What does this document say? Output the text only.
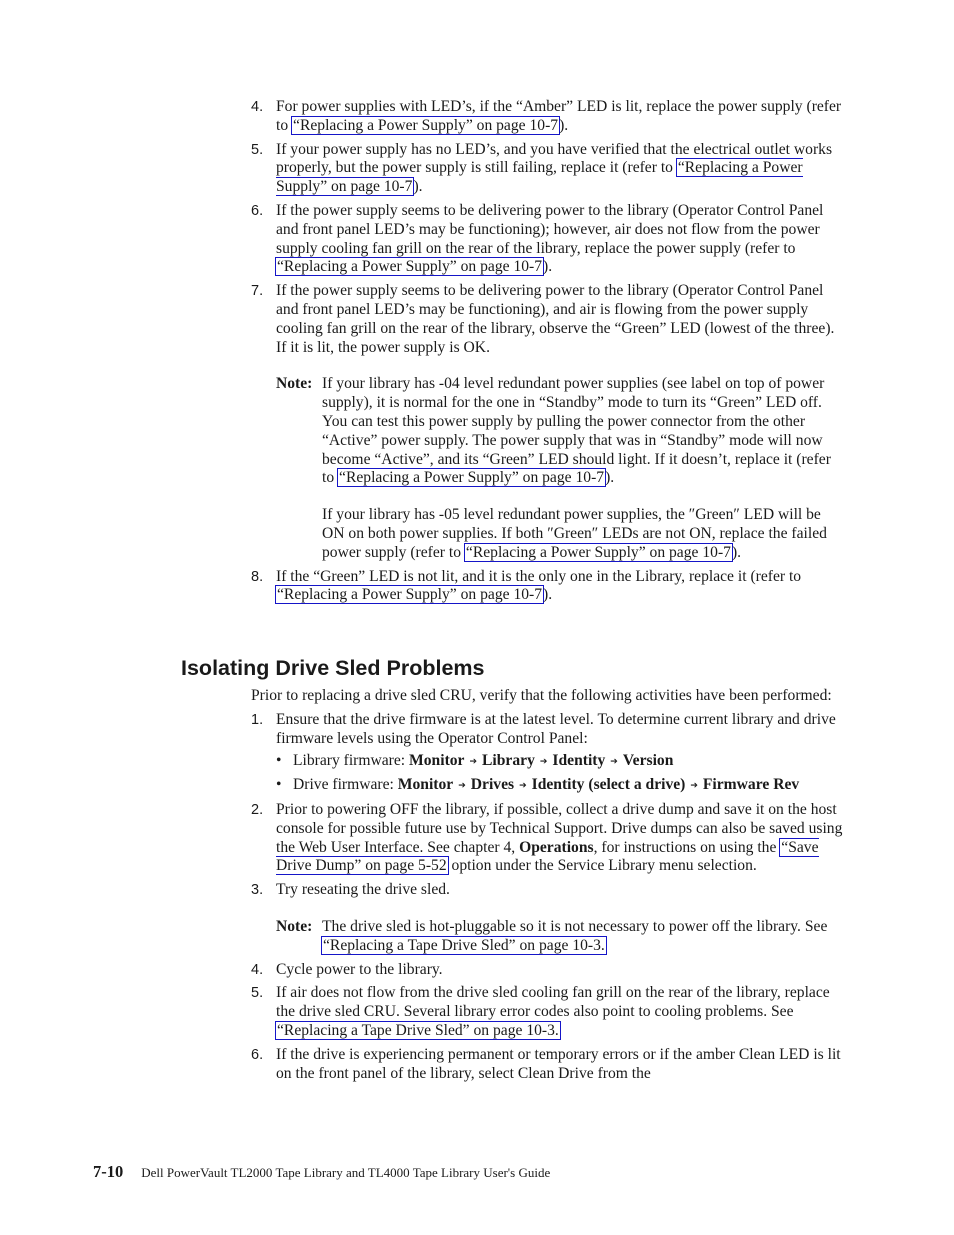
4. For power supplies with LED’s, if the “Amber” LED is lit, replace the power supply (refer to “Replacing a Power Supply” on page 10-7).
5. If your power supply has no LED’s, and you have verified that the electrical outlet works properly, but the power supply is still failing, replace it (refer to “Replacing a Power Supply” on page 10-7).
6. If the power supply seems to be delivering power to the library (Operator Control Panel and front panel LED’s may be functioning); however, air does not flow from the power supply cooling fan grill on the rear of the library, replace the power supply (refer to “Replacing a Power Supply” on page 10-7).
7. If the power supply seems to be delivering power to the library (Operator Control Panel and front panel LED’s may be functioning), and air is flowing from the power supply cooling fan grill on the rear of the library, observe the “Green” LED (lowest of the three). If it is lit, the power supply is OK.
Note: If your library has -04 level redundant power supplies (see label on top of power supply), it is normal for the one in “Standby” mode to turn its “Green” LED off. You can test this power supply by pulling the power connector from the other “Active” power supply. The power supply that was in “Standby” mode will now become “Active”, and its “Green” LED should light. If it doesn’t, replace it (refer to “Replacing a Power Supply” on page 10-7).

If your library has -05 level redundant power supplies, the ″Green″ LED will be ON on both power supplies. If both ″Green″ LEDs are not ON, replace the failed power supply (refer to “Replacing a Power Supply” on page 10-7).

8. If the “Green” LED is not lit, and it is the only one in the Library, replace it (refer to “Replacing a Power Supply” on page 10-7).
Isolating Drive Sled Problems

Prior to replacing a drive sled CRU, verify that the following activities have been performed:

1. Ensure that the drive firmware is at the latest level. To determine current library and drive firmware levels using the Operator Control Panel:
• Library firmware: Monitor ➔ Library ➔ Identity ➔ Version
• Drive firmware: Monitor ➔ Drives ➔ Identity (select a drive) ➔ Firmware Rev
2. Prior to powering OFF the library, if possible, collect a drive dump and save it on the host console for possible future use by Technical Support. Drive dumps can also be saved using the Web User Interface. See chapter 4, Operations, for instructions on using the “Save Drive Dump” on page 5-52 option under the Service Library menu selection.
3. Try reseating the drive sled.
Note: The drive sled is hot-pluggable so it is not necessary to power off the library. See “Replacing a Tape Drive Sled” on page 10-3.

4. Cycle power to the library.
5. If air does not flow from the drive sled cooling fan grill on the rear of the library, replace the drive sled CRU. Several library error codes also point to cooling problems. See “Replacing a Tape Drive Sled” on page 10-3.
6. If the drive is experiencing permanent or temporary errors or if the amber Clean LED is lit on the front panel of the library, select Clean Drive from the
7-10 Dell PowerVault TL2000 Tape Library and TL4000 Tape Library User's Guide
